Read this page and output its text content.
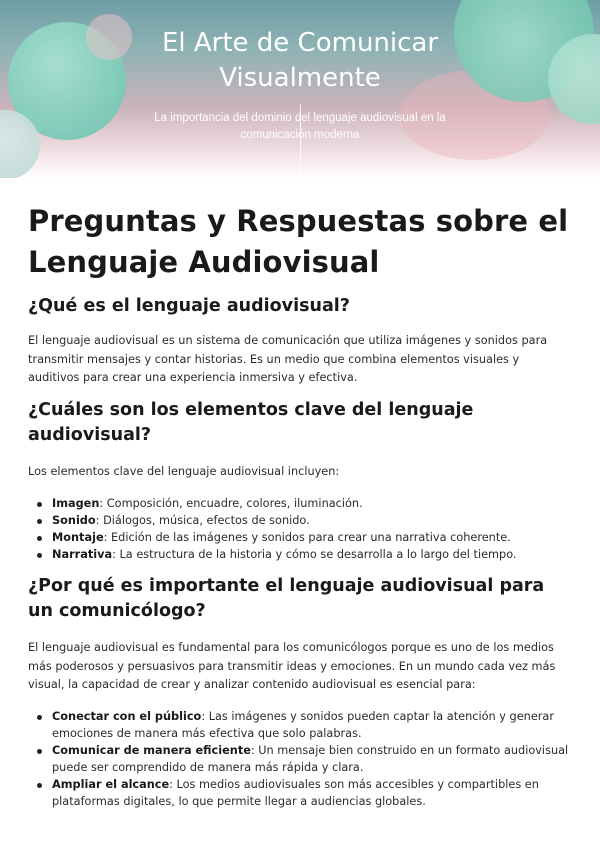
El Arte de Comunicar
Visualmente

La importancia del dominio del lenguaje audiovisual en la comunicación moderna

Preguntas y Respuestas sobre el Lenguaje Audiovisual
¿Qué es el lenguaje audiovisual?

El lenguaje audiovisual es un sistema de comunicación que utiliza imágenes y sonidos para transmitir mensajes y contar historias. Es un medio que combina elementos visuales y auditivos para crear una experiencia inmersiva y efectiva.

¿Cuáles son los elementos clave del lenguaje audiovisual?

Los elementos clave del lenguaje audiovisual incluyen:

Imagen: Composición, encuadre, colores, iluminación.
Sonido: Diálogos, música, efectos de sonido.
Montaje: Edición de las imágenes y sonidos para crear una narrativa coherente.
Narrativa: La estructura de la historia y cómo se desarrolla a lo largo del tiempo.
¿Por qué es importante el lenguaje audiovisual para un comunicólogo?

El lenguaje audiovisual es fundamental para los comunicólogos porque es uno de los medios más poderosos y persuasivos para transmitir ideas y emociones. En un mundo cada vez más visual, la capacidad de crear y analizar contenido audiovisual es esencial para:

Conectar con el público: Las imágenes y sonidos pueden captar la atención y generar emociones de manera más efectiva que solo palabras.
Comunicar de manera eficiente: Un mensaje bien construido en un formato audiovisual puede ser comprendido de manera más rápida y clara.
Ampliar el alcance: Los medios audiovisuales son más accesibles y compartibles en plataformas digitales, lo que permite llegar a audiencias globales.
